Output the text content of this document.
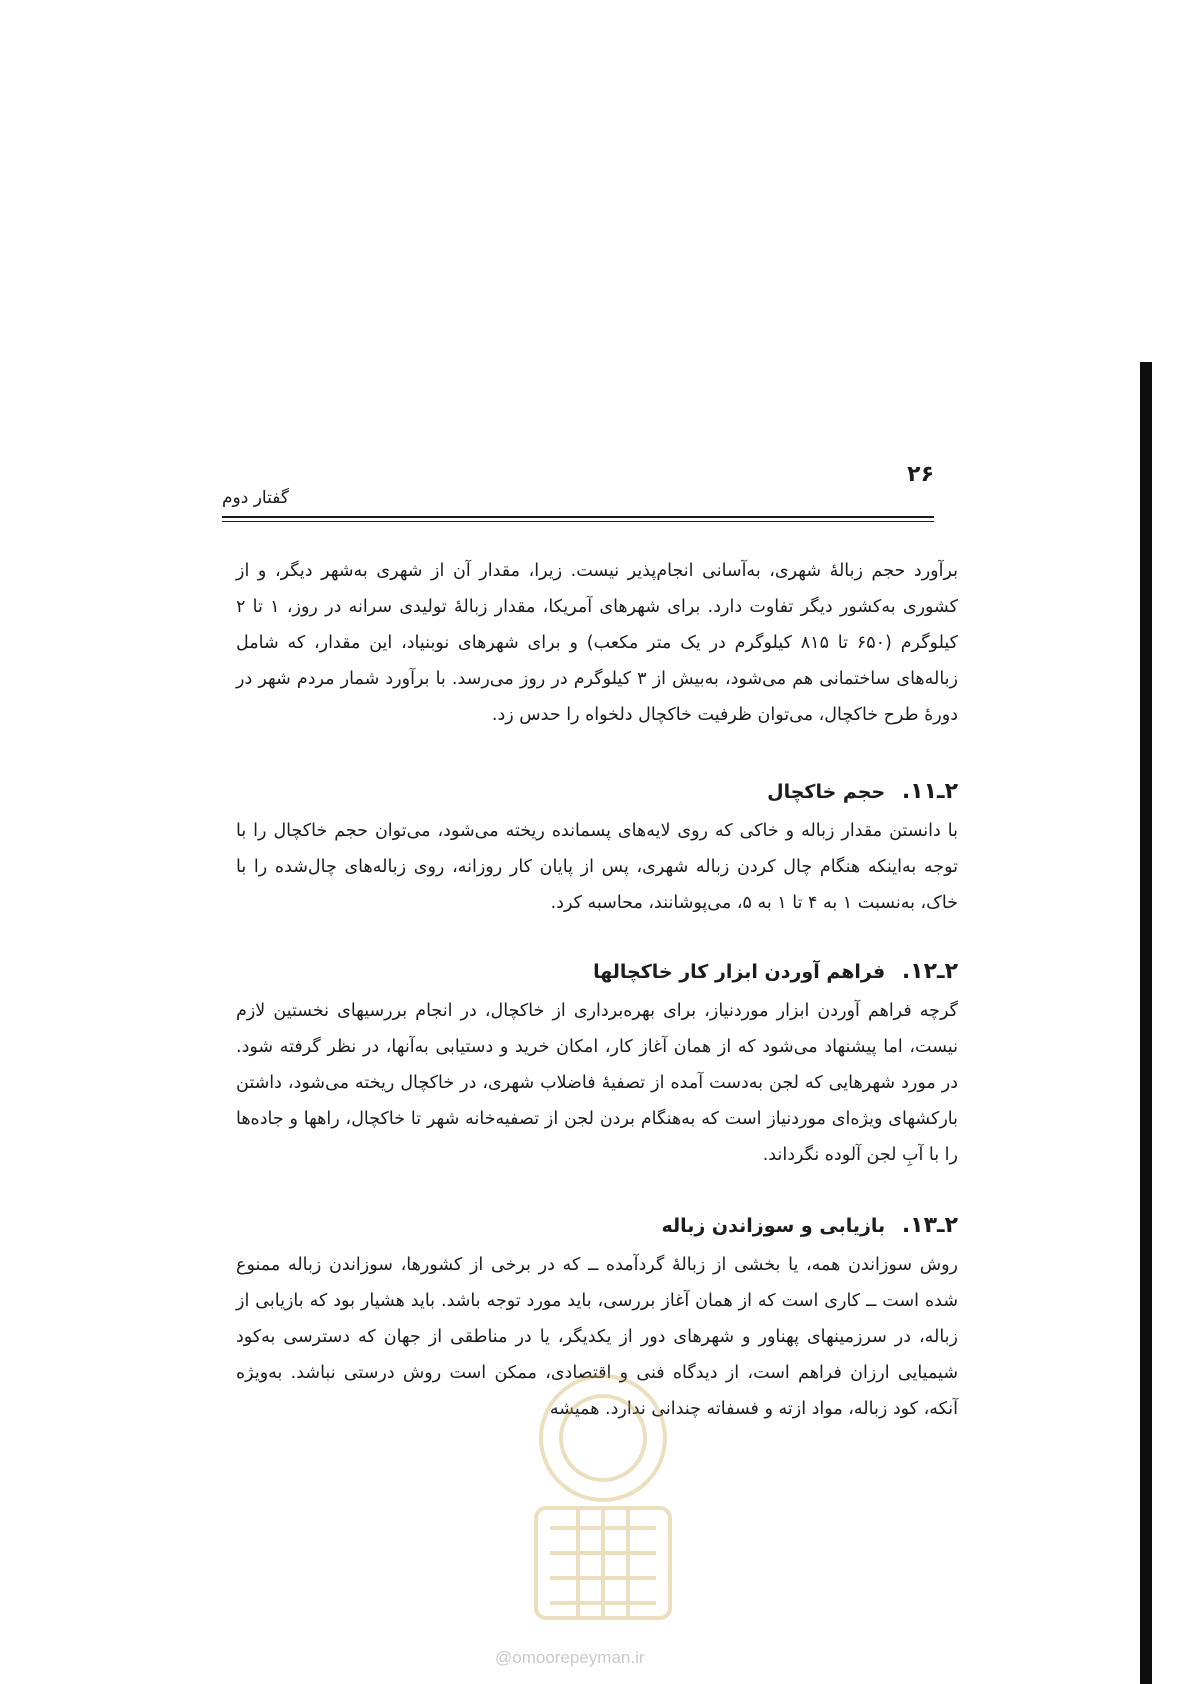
۲۶
گفتار دوم

برآورد حجم زبالهٔ شهری، به‌آسانی انجام‌پذیر نیست. زیرا، مقدار آن از شهری به‌شهر دیگر، و از کشوری به‌کشور دیگر تفاوت دارد. برای شهرهای آمریکا، مقدار زبالهٔ تولیدی سرانه در روز، ۱ تا ۲ کیلوگرم (۶۵۰ تا ۸۱۵ کیلوگرم در یک متر مکعب) و برای شهرهای نوبنیاد، این مقدار، که شامل زباله‌های ساختمانی هم می‌شود، به‌بیش از ۳ کیلوگرم در روز می‌رسد. با برآورد شمار مردم شهر در دورهٔ طرح خاکچال، می‌توان ظرفیت خاکچال دلخواه را حدس زد.

۲ـ۱۱. حجم خاکچال

با دانستن مقدار زباله و خاکی که روی لایه‌های پسمانده ریخته می‌شود، می‌توان حجم خاکچال را با توجه به‌اینکه هنگام چال کردن زباله شهری، پس از پایان کار روزانه، روی زباله‌های چال‌شده را با خاک، به‌نسبت ۱ به ۴ تا ۱ به ۵، می‌پوشانند، محاسبه کرد.

۲ـ۱۲. فراهم آوردن ابزار کار خاکچالها

گرچه فراهم آوردن ابزار موردنیاز، برای بهره‌برداری از خاکچال، در انجام بررسیهای نخستین لازم نیست، اما پیشنهاد می‌شود که از همان آغاز کار، امکان خرید و دستیابی به‌آنها، در نظر گرفته شود. در مورد شهرهایی که لجن به‌دست آمده از تصفیهٔ فاضلاب شهری، در خاکچال ریخته می‌شود، داشتن بارکشهای ویژه‌ای موردنیاز است که به‌هنگام بردن لجن از تصفیه‌خانه شهر تا خاکچال، راهها و جاده‌ها را با آبِ لجن آلوده نگرداند.

۲ـ۱۳. بازیابی و سوزاندن زباله

روش سوزاندن همه، یا بخشی از زبالهٔ گردآمده ــ که در برخی از کشورها، سوزاندن زباله ممنوع شده است ــ کاری است که از همان آغاز بررسی، باید مورد توجه باشد. باید هشیار بود که بازیابی از زباله، در سرزمینهای پهناور و شهرهای دور از یکدیگر، یا در مناطقی از جهان که دسترسی به‌کود شیمیایی ارزان فراهم است، از دیدگاه فنی و اقتصادی، ممکن است روش درستی نباشد. به‌ویژه آنکه، کود زباله، مواد ازته و فسفاته چندانی ندارد. همیشه

@omoorepeyman.ir
